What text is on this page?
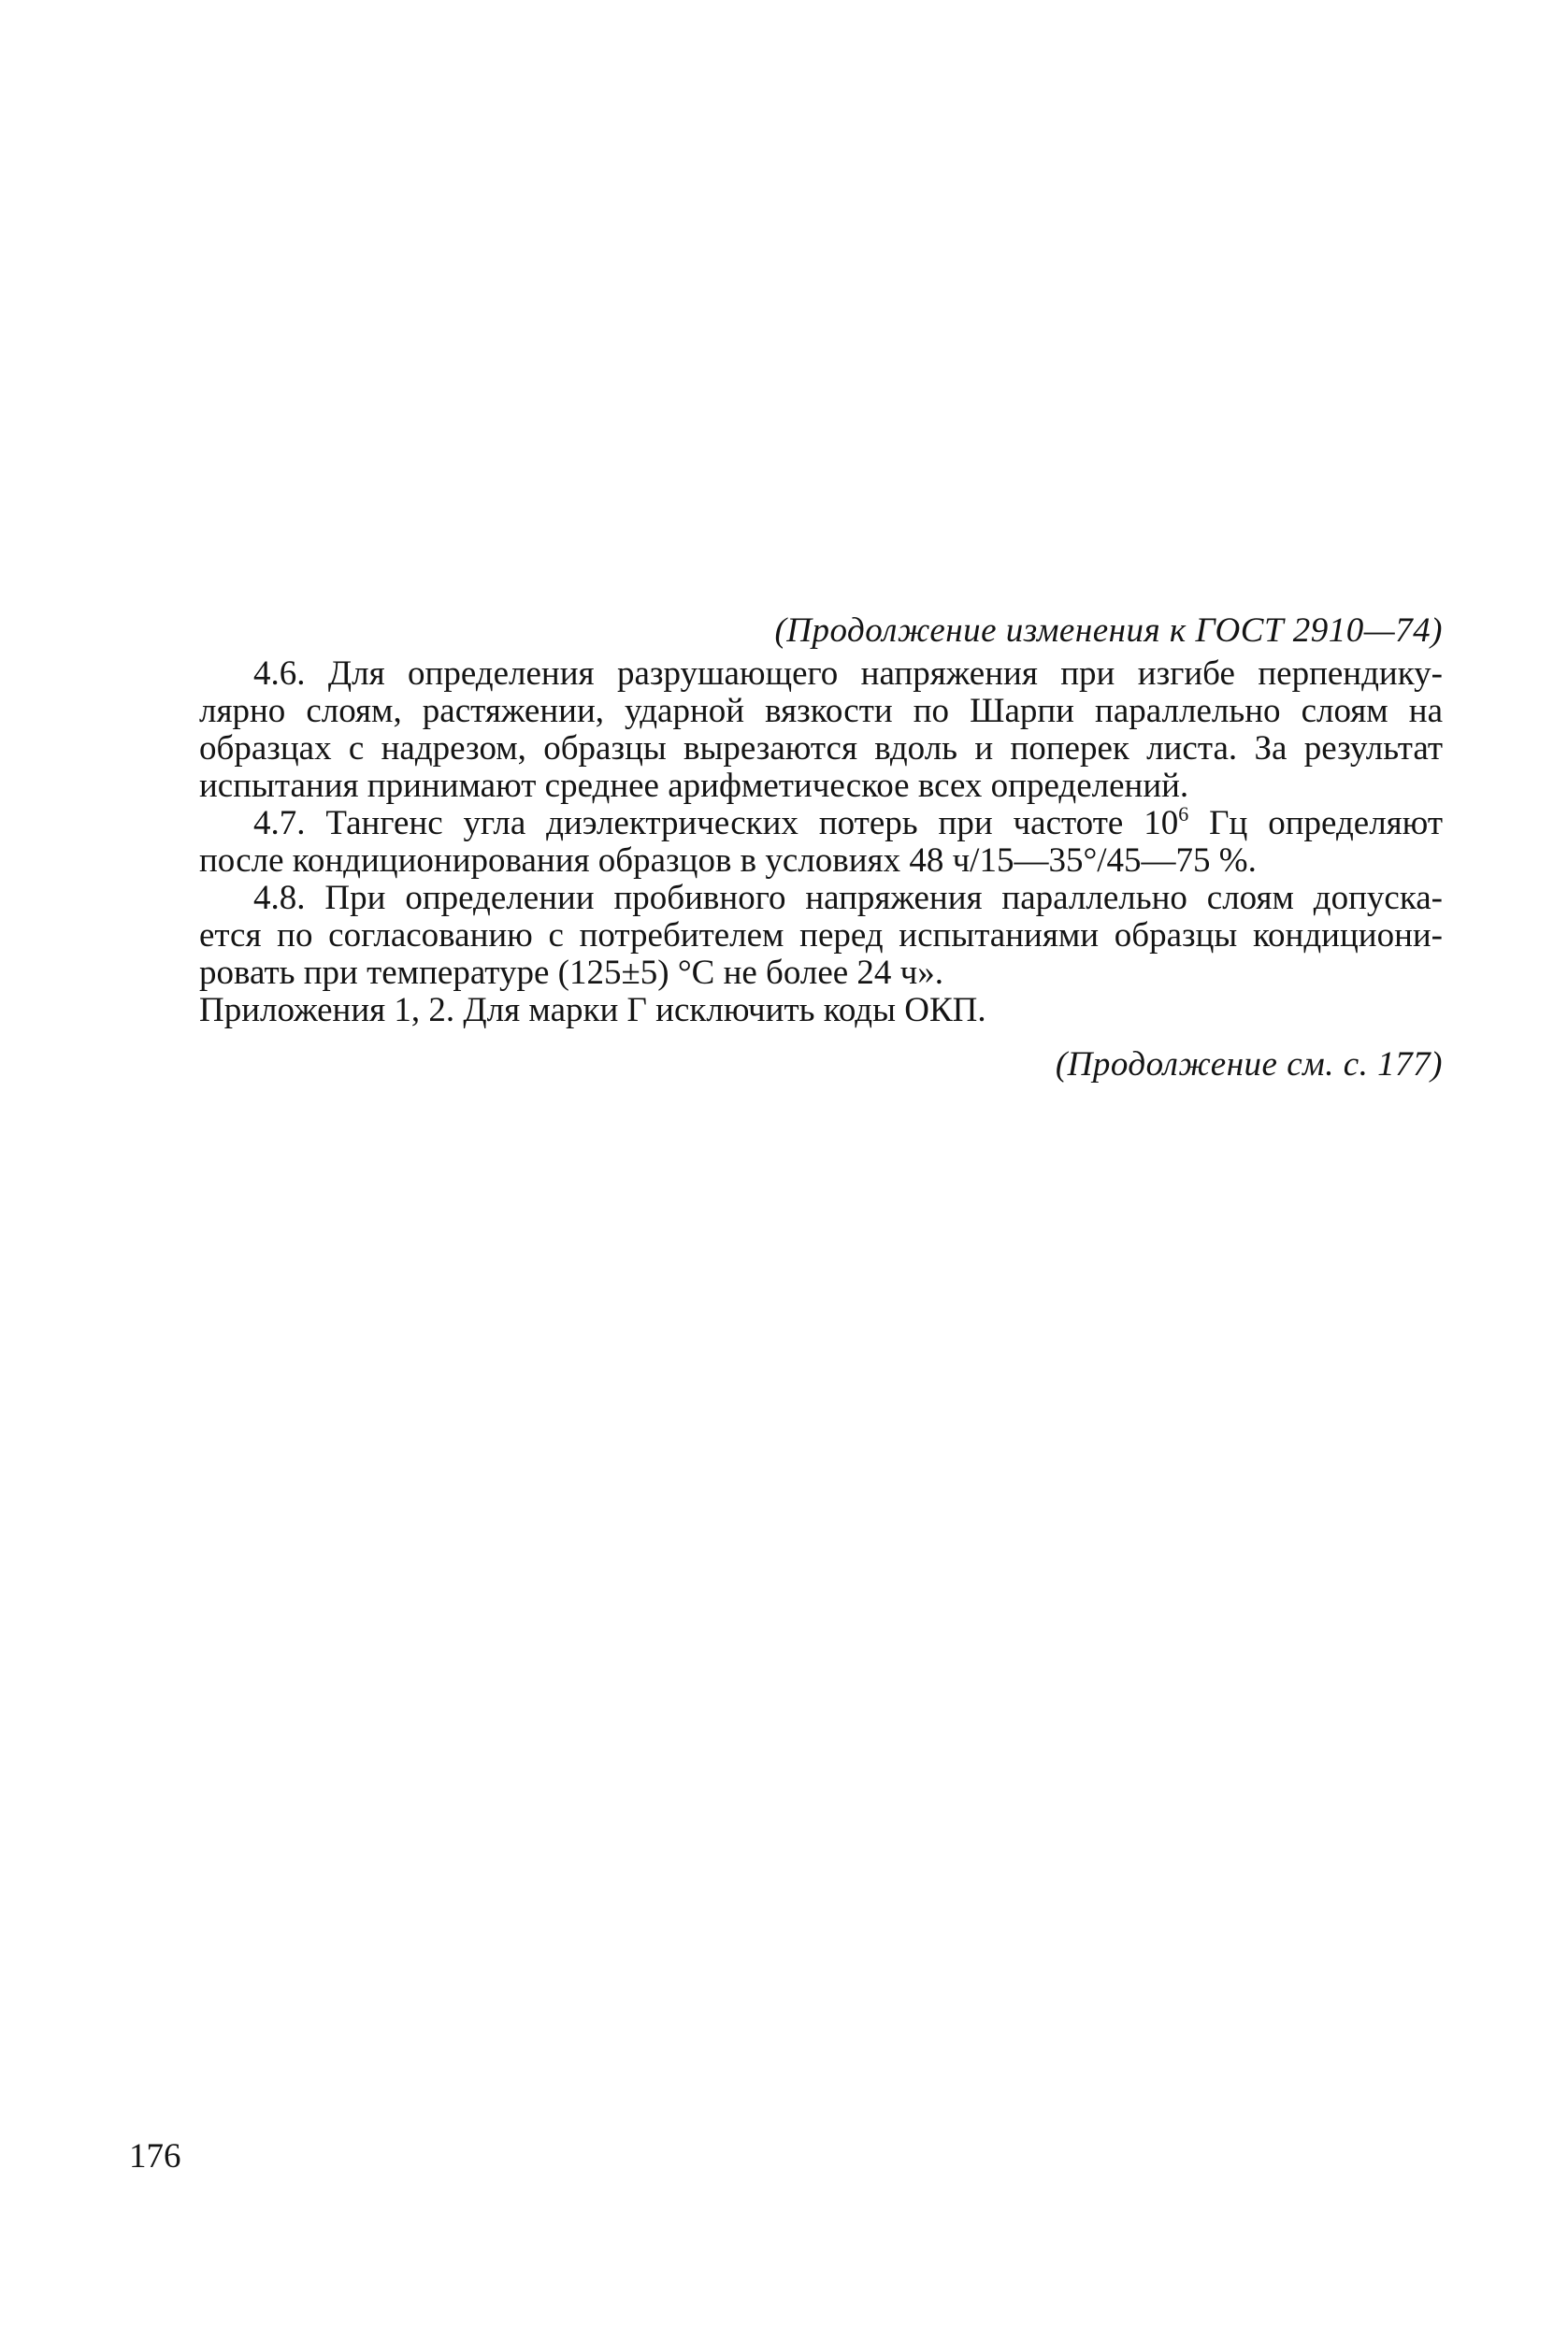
(Продолжение изменения к ГОСТ 2910—74)

4.6. Для определения разрушающего напряжения при изгибе перпендику-
лярно слоям, растяжении, ударной вязкости по Шарпи параллельно слоям на
образцах с надрезом, образцы вырезаются вдоль и поперек листа. За результат
испытания принимают среднее арифметическое всех определений.

4.7. Тангенс угла диэлектрических потерь при частоте $10^6$ Гц определяют
после кондиционирования образцов в условиях 48 ч/15—35°/45—75 %.

4.8. При определении пробивного напряжения параллельно слоям допуска-
ется по согласованию с потребителем перед испытаниями образцы кондициони-
ровать при температуре (125±5) °С не более 24 ч».

Приложения 1, 2. Для марки Г исключить коды ОКП.

(Продолжение см. с. 177)

176
